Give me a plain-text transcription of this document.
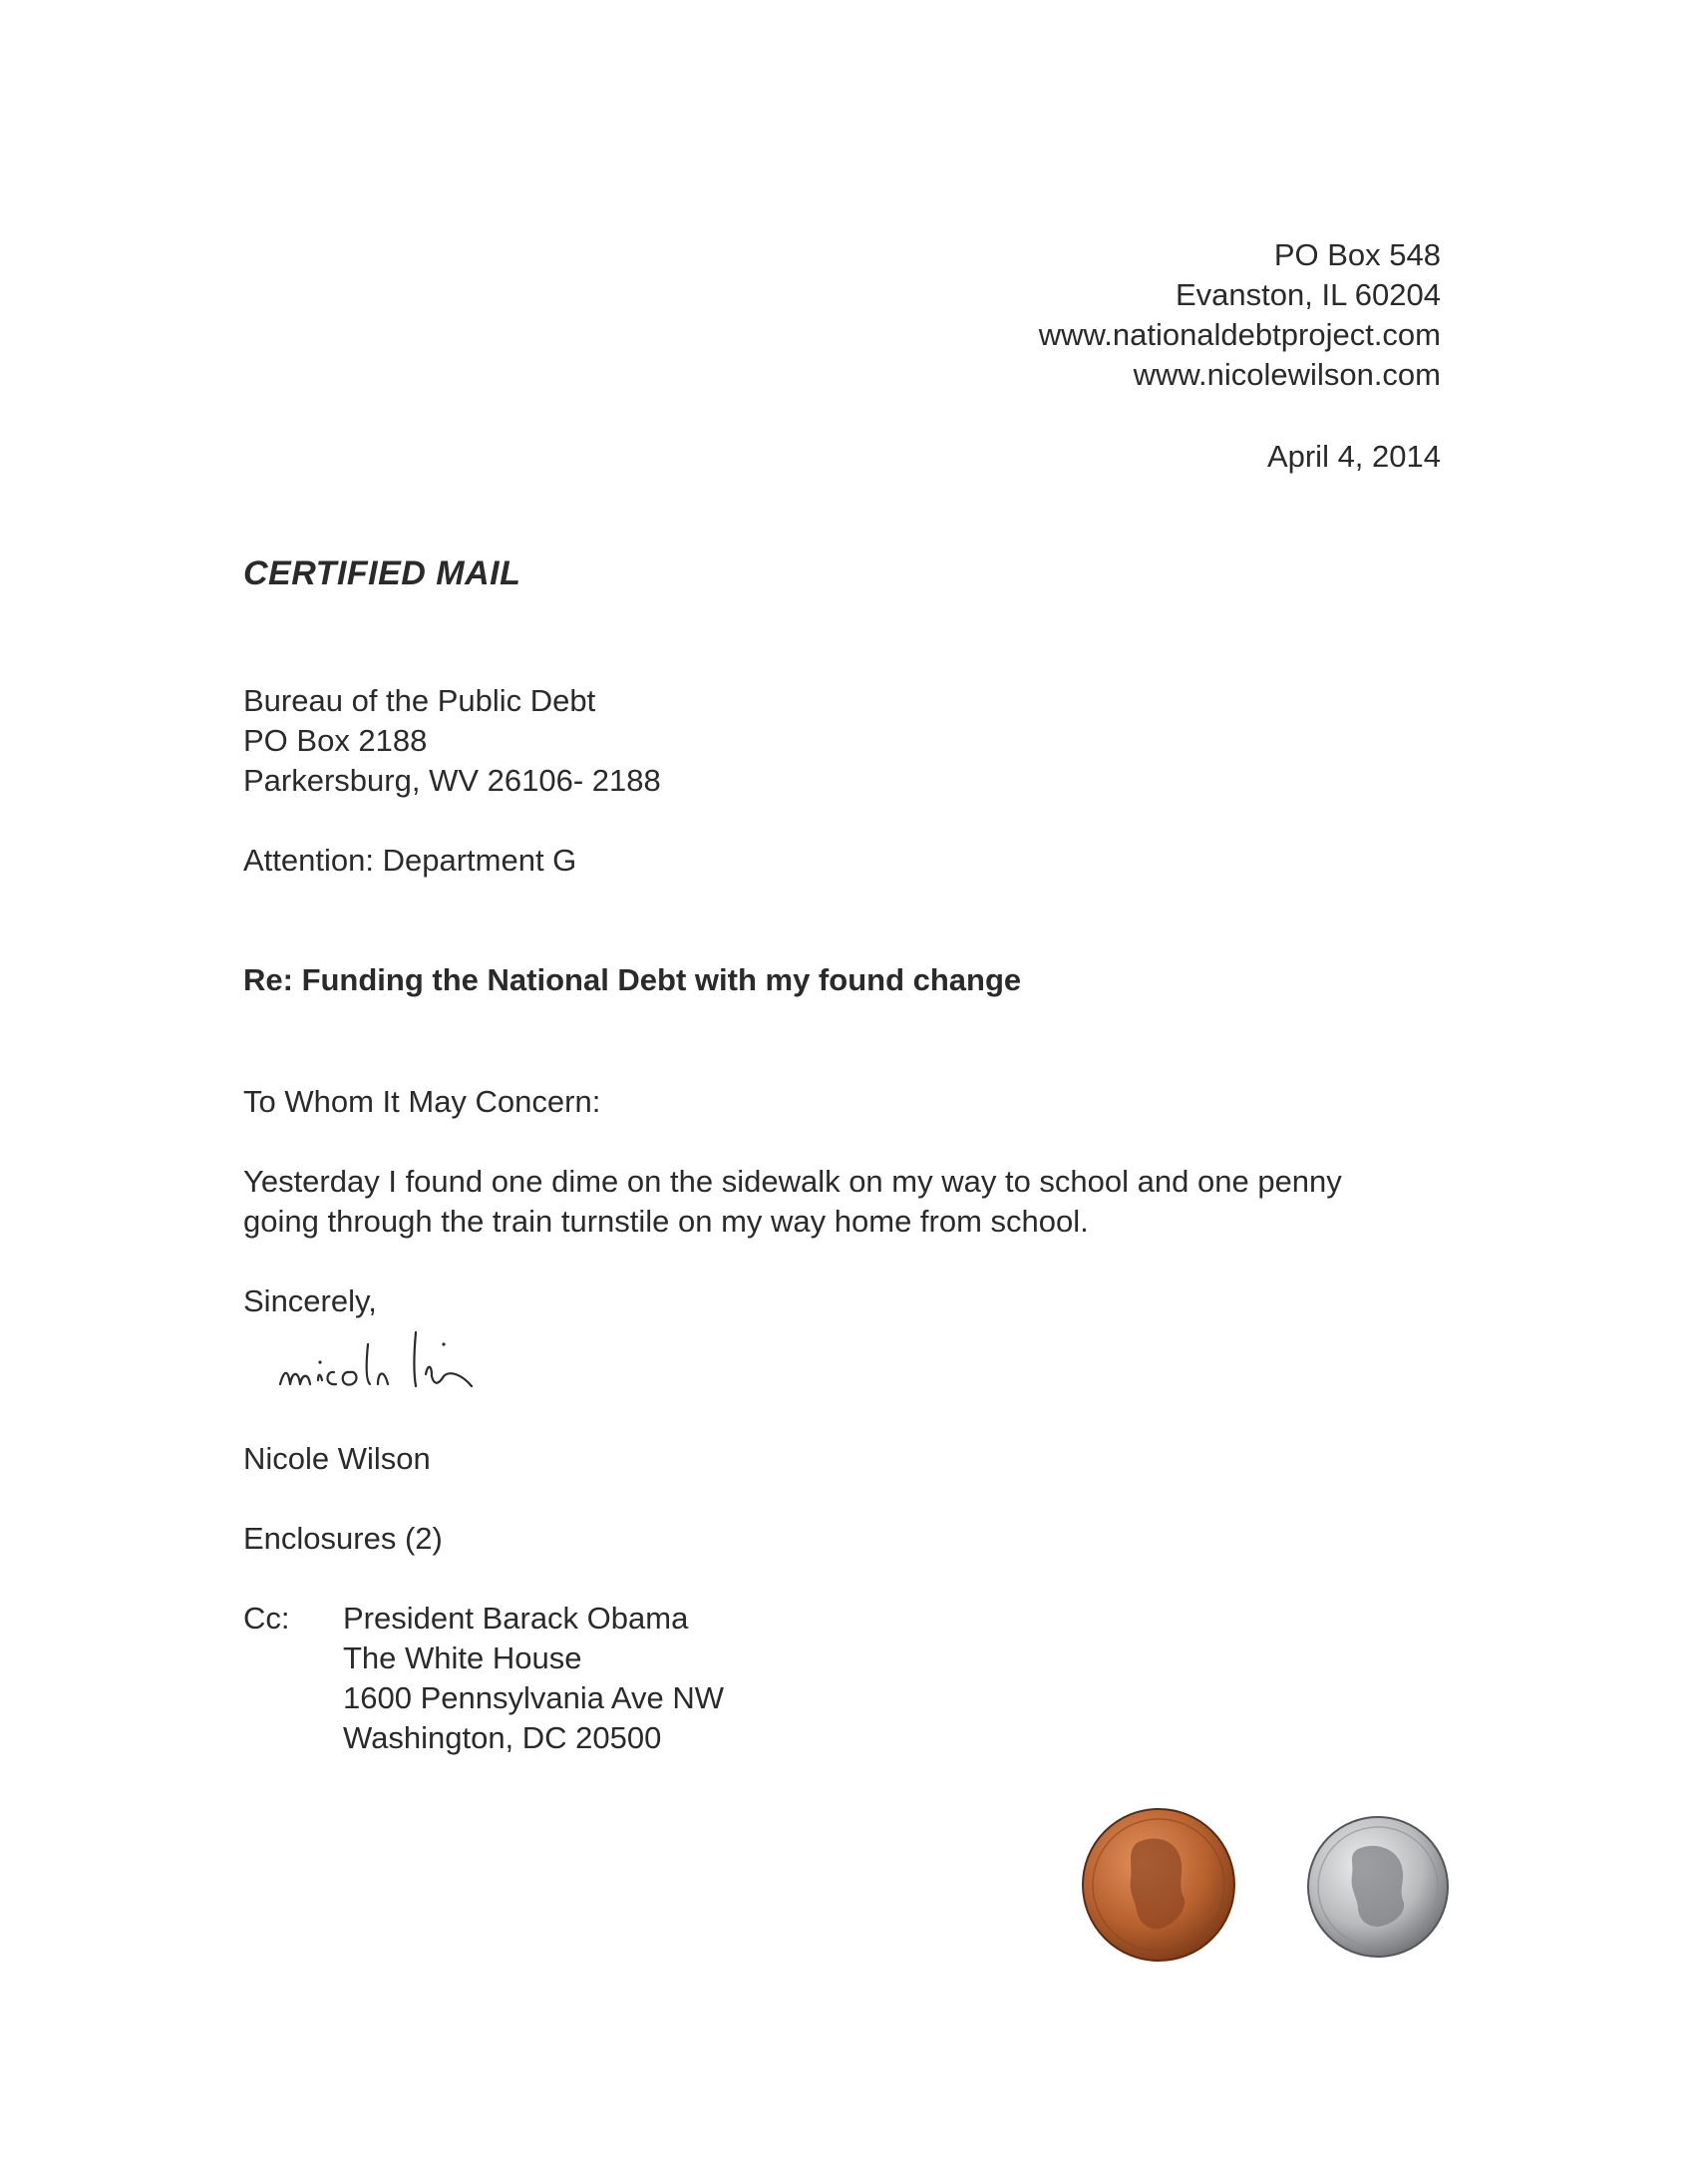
PO Box 548
Evanston, IL 60204
www.nationaldebtproject.com
www.nicolewilson.com
April 4, 2014
CERTIFIED MAIL
Bureau of the Public Debt
PO Box 2188
Parkersburg, WV 26106- 2188
Attention: Department G
Re: Funding the National Debt with my found change
To Whom It May Concern:
Yesterday I found one dime on the sidewalk on my way to school and one penny
going through the train turnstile on my way home from school.
Sincerely,
Nicole Wilson
Enclosures (2)
Cc:	President Barack Obama
The White House
1600 Pennsylvania Ave NW
Washington, DC 20500
